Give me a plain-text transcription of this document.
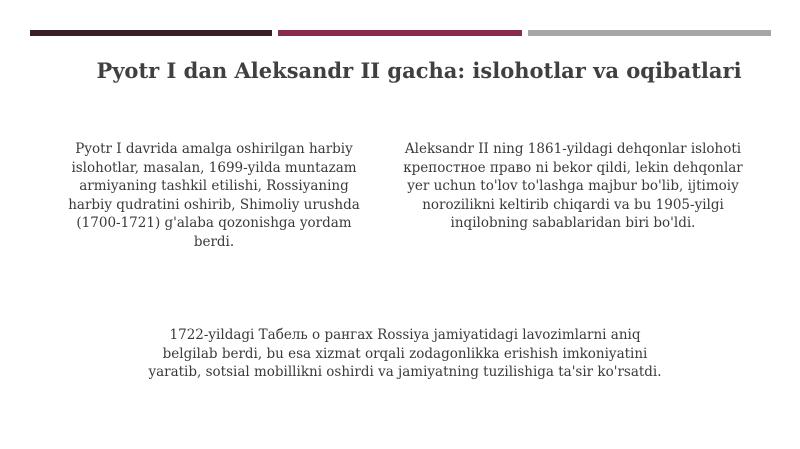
Pyotr I dan Aleksandr II gacha: islohotlar va oqibatlari
Pyotr I davrida amalga oshirilgan harbiy islohotlar, masalan, 1699-yilda muntazam armiyaning tashkil etilishi, Rossiyaning harbiy qudratini oshirib, Shimoliy urushda (1700-1721) g'alaba qozonishga yordam berdi.
Aleksandr II ning 1861-yildagi dehqonlar islohoti крепостное право ni bekor qildi, lekin dehqonlar yer uchun to'lov to'lashga majbur bo'lib, ijtimoiy norozilikni keltirib chiqardi va bu 1905-yilgi inqilobning sabablaridan biri bo'ldi.
1722-yildagi Табель о рангах Rossiya jamiyatidagi lavozimlarni aniq belgilab berdi, bu esa xizmat orqali zodagonlikka erishish imkoniyatini yaratib, sotsial mobillikni oshirdi va jamiyatning tuzilishiga ta'sir ko'rsatdi.
